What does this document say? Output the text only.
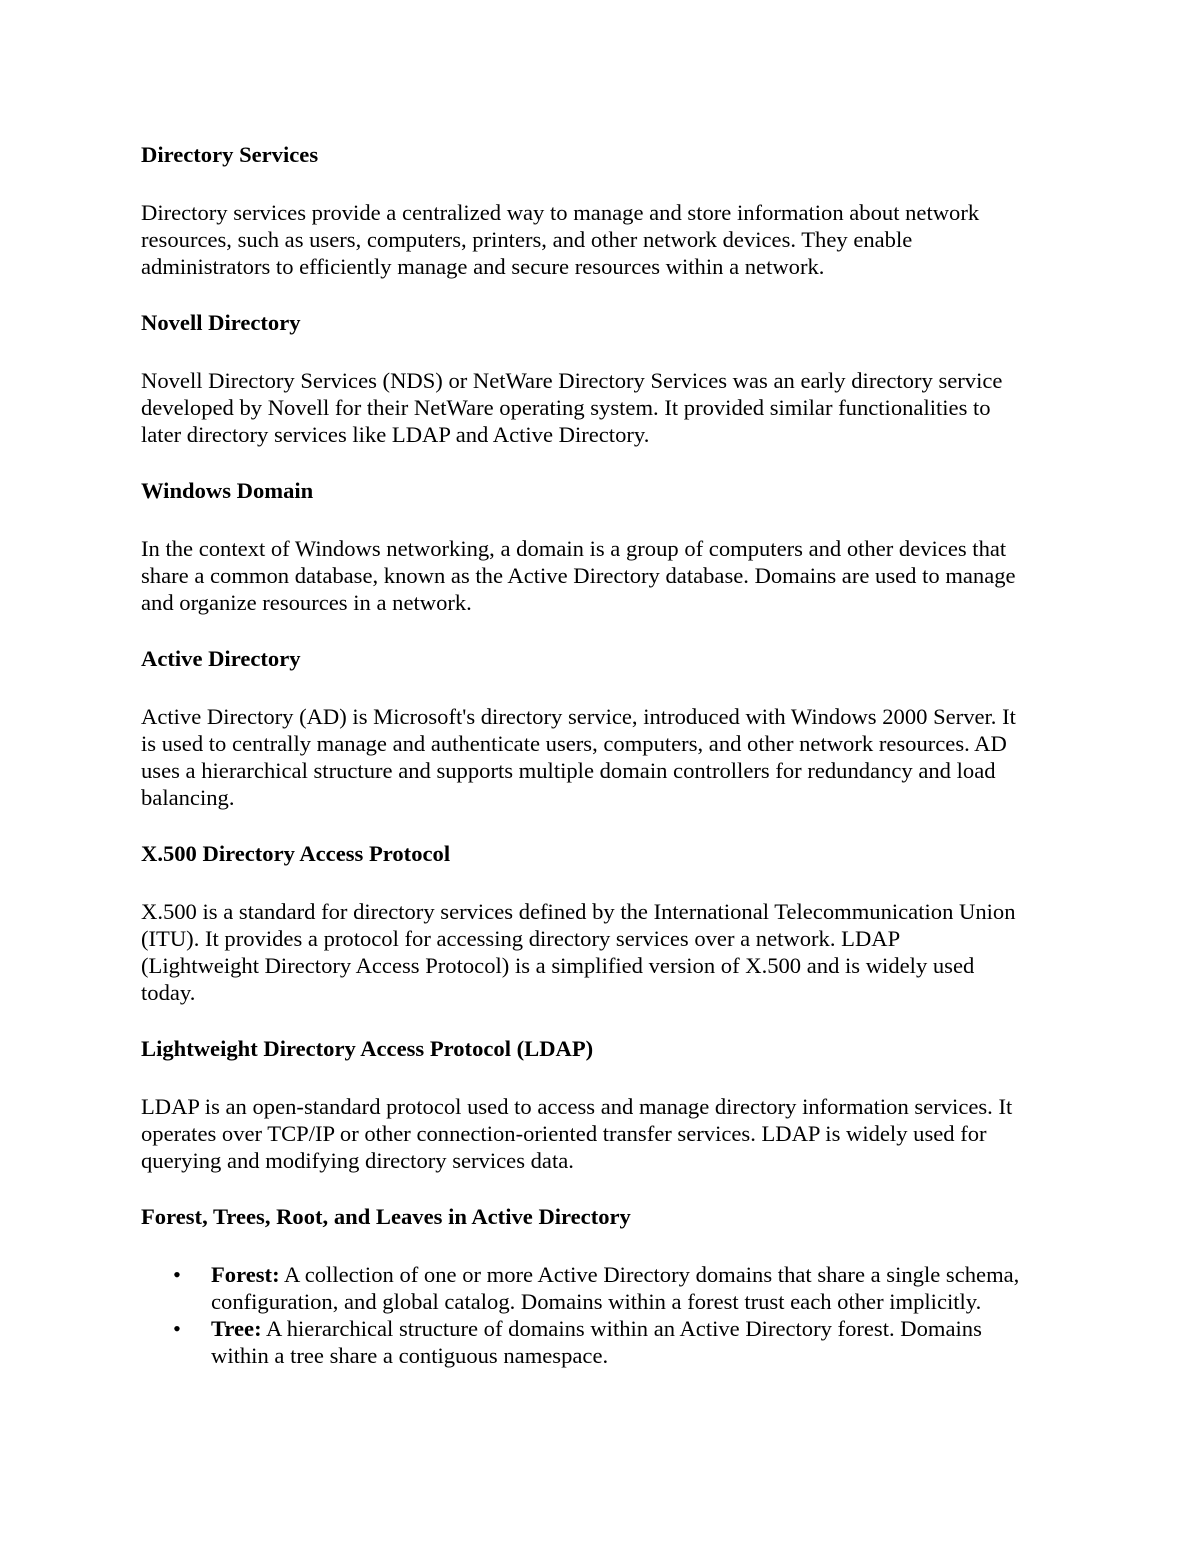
Directory Services

Directory services provide a centralized way to manage and store information about network
resources, such as users, computers, printers, and other network devices. They enable
administrators to efficiently manage and secure resources within a network.

Novell Directory

Novell Directory Services (NDS) or NetWare Directory Services was an early directory service
developed by Novell for their NetWare operating system. It provided similar functionalities to
later directory services like LDAP and Active Directory.

Windows Domain

In the context of Windows networking, a domain is a group of computers and other devices that
share a common database, known as the Active Directory database. Domains are used to manage
and organize resources in a network.

Active Directory

Active Directory (AD) is Microsoft's directory service, introduced with Windows 2000 Server. It
is used to centrally manage and authenticate users, computers, and other network resources. AD
uses a hierarchical structure and supports multiple domain controllers for redundancy and load
balancing.

X.500 Directory Access Protocol

X.500 is a standard for directory services defined by the International Telecommunication Union
(ITU). It provides a protocol for accessing directory services over a network. LDAP
(Lightweight Directory Access Protocol) is a simplified version of X.500 and is widely used
today.

Lightweight Directory Access Protocol (LDAP)

LDAP is an open-standard protocol used to access and manage directory information services. It
operates over TCP/IP or other connection-oriented transfer services. LDAP is widely used for
querying and modifying directory services data.

Forest, Trees, Root, and Leaves in Active Directory
• Forest: A collection of one or more Active Directory domains that share a single schema,
configuration, and global catalog. Domains within a forest trust each other implicitly.
• Tree: A hierarchical structure of domains within an Active Directory forest. Domains
within a tree share a contiguous namespace.
